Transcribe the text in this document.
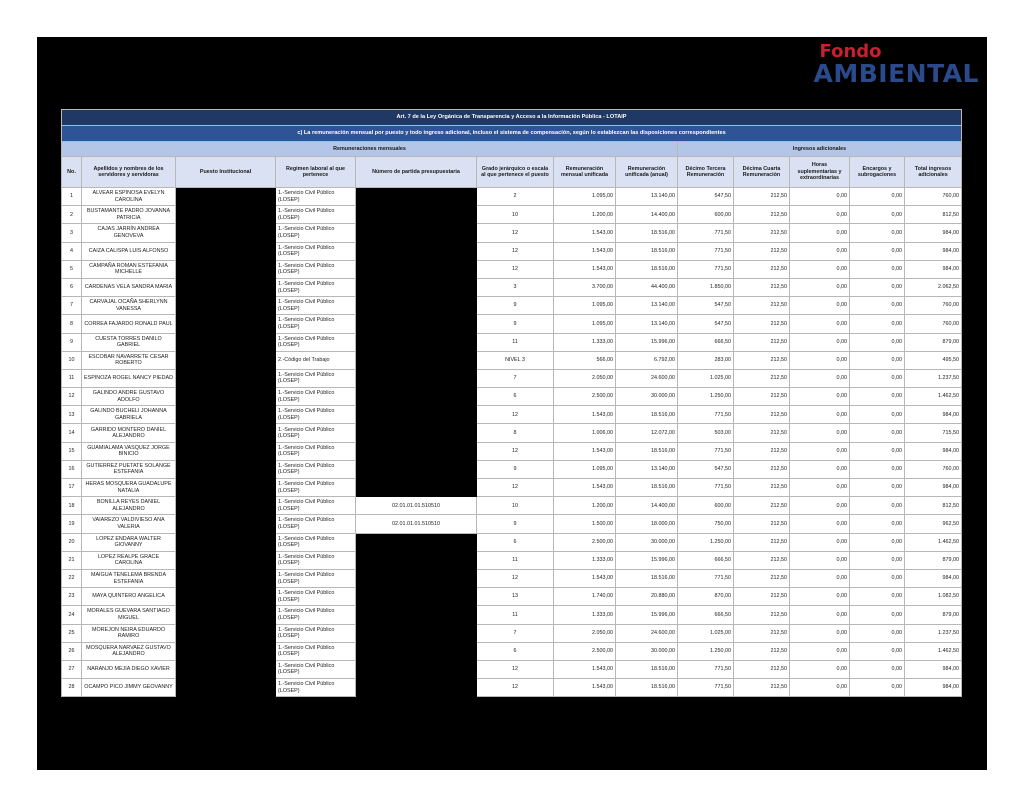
Fondo
AMBIENTAL
Art. 7 de la Ley Orgánica de Transparencia y Acceso a la Información Pública - LOTAIP												
c) La remuneración mensual por puesto y todo ingreso adicional, incluso el sistema de compensación, según lo establezcan las disposiciones correspondientes												
Remuneraciones mensuales								Ingresos adicionales				
No.	Apellidos y nombres de los servidores y servidoras	Puesto Institucional	Regimen laboral al que pertenece	Número de partida presupuestaria	Grado jerárquico o escala al que pertenece el puesto	Remuneración mensual unificada	Remuneración unificada (anual)	Décimo Tercera Remuneración	Décima Cuarta Remuneración	Horas suplementarias y extraordinarias	Encargos y subrogaciones	Total ingresos adicionales
1	ALVEAR ESPINOSA EVELYN CAROLINA		1.-Servicio Civil Público (LOSEP)		2	1.095,00	13.140,00	547,50	212,50	0,00	0,00	760,00
2	BUSTAMANTE PADRO JOVANNA PATRICIA		1.-Servicio Civil Público (LOSEP)		10	1.200,00	14.400,00	600,00	212,50	0,00	0,00	812,50
3	CAJAS JARRÍN ANDREA GENOVEVA		1.-Servicio Civil Público (LOSEP)		12	1.543,00	18.516,00	771,50	212,50	0,00	0,00	984,00
4	CAIZA CALISPA LUIS ALFONSO		1.-Servicio Civil Público (LOSEP)		12	1.543,00	18.516,00	771,50	212,50	0,00	0,00	984,00
5	CAMPAÑA ROMAN ESTEFANIA MICHELLE		1.-Servicio Civil Público (LOSEP)		12	1.543,00	18.516,00	771,50	212,50	0,00	0,00	984,00
6	CARDENAS VELA SANDRA MARIA		1.-Servicio Civil Público (LOSEP)		3	3.700,00	44.400,00	1.850,00	212,50	0,00	0,00	2.062,50
7	CARVAJAL OCAÑA SHERLYNN VANESSA		1.-Servicio Civil Público (LOSEP)		9	1.095,00	13.140,00	547,50	212,50	0,00	0,00	760,00
8	CORREA FAJARDO RONALD PAUL		1.-Servicio Civil Público (LOSEP)		9	1.095,00	13.140,00	547,50	212,50	0,00	0,00	760,00
9	CUESTA TORRES DANILO GABRIEL		1.-Servicio Civil Público (LOSEP)		11	1.333,00	15.996,00	666,50	212,50	0,00	0,00	879,00
10	ESCOBAR NAVARRETE CESAR ROBERTO		2.-Código del Trabajo		NIVEL 3	566,00	6.792,00	283,00	212,50	0,00	0,00	495,50
11	ESPINOZA ROGEL NANCY PIEDAD		1.-Servicio Civil Público (LOSEP)		7	2.050,00	24.600,00	1.025,00	212,50	0,00	0,00	1.237,50
12	GALINDO ANDRE GUSTAVO ADOLFO		1.-Servicio Civil Público (LOSEP)		6	2.500,00	30.000,00	1.250,00	212,50	0,00	0,00	1.462,50
13	GALINDO BUCHELI JOHANNA GABRIELA		1.-Servicio Civil Público (LOSEP)		12	1.543,00	18.516,00	771,50	212,50	0,00	0,00	984,00
14	GARRIDO MONTERO DANIEL ALEJANDRO		1.-Servicio Civil Público (LOSEP)		8	1.006,00	12.072,00	503,00	212,50	0,00	0,00	715,50
15	GUAMIALAMA VASQUEZ JORGE BINICIO		1.-Servicio Civil Público (LOSEP)		12	1.543,00	18.516,00	771,50	212,50	0,00	0,00	984,00
16	GUTIERREZ PUETATE SOLANGE ESTEFANIA		1.-Servicio Civil Público (LOSEP)		9	1.095,00	13.140,00	547,50	212,50	0,00	0,00	760,00
17	HERAS MOSQUERA GUADALUPE NATALIA		1.-Servicio Civil Público (LOSEP)		12	1.543,00	18.516,00	771,50	212,50	0,00	0,00	984,00
18	BONILLA REYES DANIEL ALEJANDRO		1.-Servicio Civil Público (LOSEP)	02.01.01.01.510510	10	1.200,00	14.400,00	600,00	212,50	0,00	0,00	812,50
19	VAIAREZO VALDIVIESO ANA VALERIA		1.-Servicio Civil Público (LOSEP)	02.01.01.01.510510	9	1.500,00	18.000,00	750,00	212,50	0,00	0,00	962,50
20	LOPEZ ENDARA WALTER GIOVANNY		1.-Servicio Civil Público (LOSEP)		6	2.500,00	30.000,00	1.250,00	212,50	0,00	0,00	1.462,50
21	LOPEZ REALPE GRACE CAROLINA		1.-Servicio Civil Público (LOSEP)		11	1.333,00	15.996,00	666,50	212,50	0,00	0,00	879,00
22	MAIGUA TENELEMA BRENDA ESTEFANIA		1.-Servicio Civil Público (LOSEP)		12	1.543,00	18.516,00	771,50	212,50	0,00	0,00	984,00
23	MAYA QUINTERO ANGELICA		1.-Servicio Civil Público (LOSEP)		13	1.740,00	20.880,00	870,00	212,50	0,00	0,00	1.082,50
24	MORALES GUEVARA SANTIAGO MIGUEL		1.-Servicio Civil Público (LOSEP)		11	1.333,00	15.996,00	666,50	212,50	0,00	0,00	879,00
25	MOREJON NEIRA EDUARDO RAMIRO		1.-Servicio Civil Público (LOSEP)		7	2.050,00	24.600,00	1.025,00	212,50	0,00	0,00	1.237,50
26	MOSQUERA NARVAEZ GUSTAVO ALEJANDRO		1.-Servicio Civil Público (LOSEP)		6	2.500,00	30.000,00	1.250,00	212,50	0,00	0,00	1.462,50
27	NARANJO MEJIA DIEGO XAVIER		1.-Servicio Civil Público (LOSEP)		12	1.543,00	18.516,00	771,50	212,50	0,00	0,00	984,00
28	OCAMPO PICO JIMMY GEOVANNY		1.-Servicio Civil Público (LOSEP)		12	1.543,00	18.516,00	771,50	212,50	0,00	0,00	984,00
